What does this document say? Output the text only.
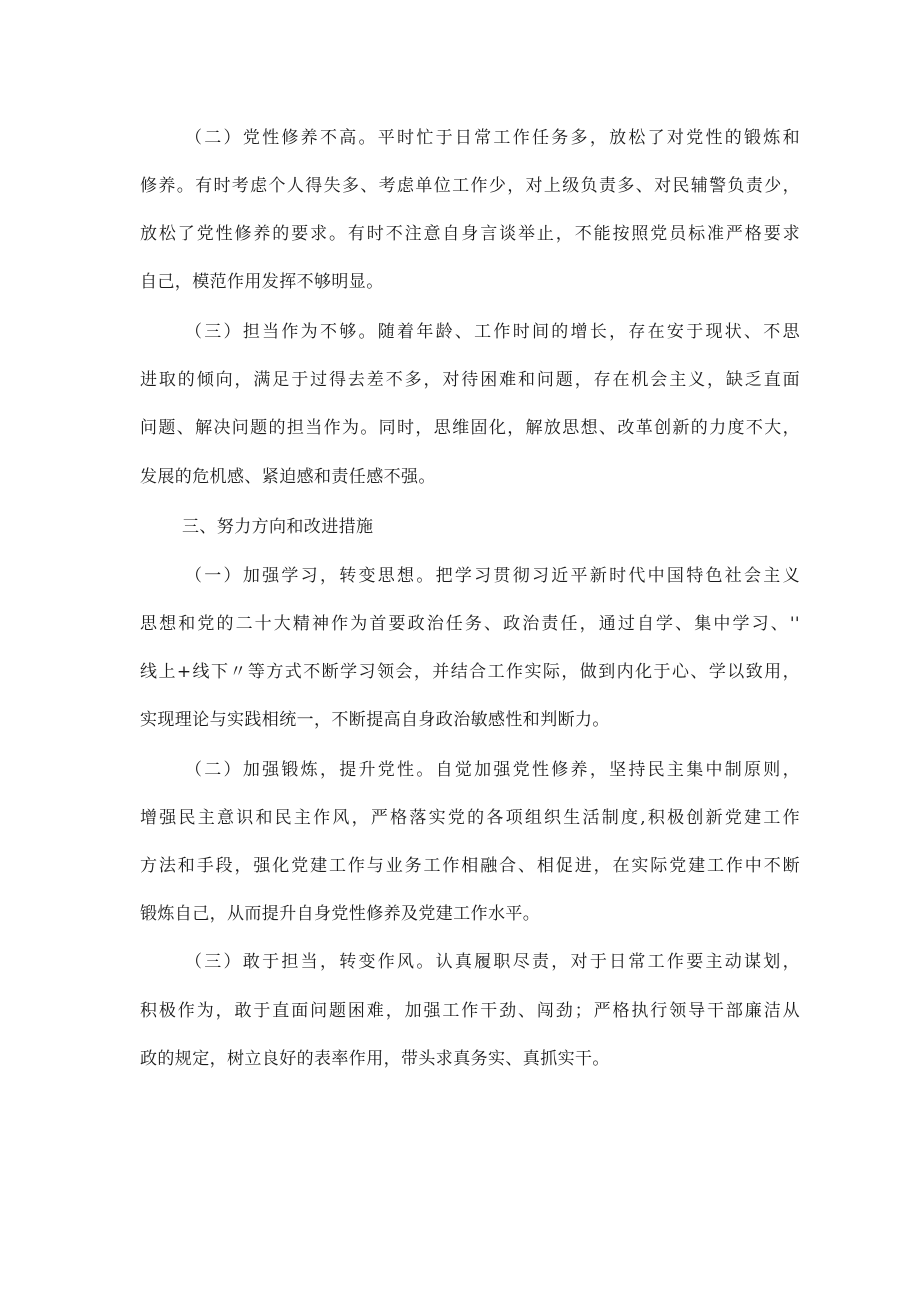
（二）党性修养不高。平时忙于日常工作任务多，放松了对党性的锻炼和
修养。有时考虑个人得失多、考虑单位工作少，对上级负责多、对民辅警负责少，
放松了党性修养的要求。有时不注意自身言谈举止，不能按照党员标准严格要求
自己，模范作用发挥不够明显。
（三）担当作为不够。随着年龄、工作时间的增长，存在安于现状、不思
进取的倾向，满足于过得去差不多，对待困难和问题，存在机会主义，缺乏直面
问题、解决问题的担当作为。同时，思维固化，解放思想、改革创新的力度不大，
发展的危机感、紧迫感和责任感不强。
三、努力方向和改进措施
（一）加强学习，转变思想。把学习贯彻习近平新时代中国特色社会主义
思想和党的二十大精神作为首要政治任务、政治责任，通过自学、集中学习、''
线上+线下〃等方式不断学习领会，并结合工作实际，做到内化于心、学以致用，
实现理论与实践相统一，不断提高自身政治敏感性和判断力。
（二）加强锻炼，提升党性。自觉加强党性修养，坚持民主集中制原则，
增强民主意识和民主作风，严格落实党的各项组织生活制度,积极创新党建工作
方法和手段，强化党建工作与业务工作相融合、相促进，在实际党建工作中不断
锻炼自己，从而提升自身党性修养及党建工作水平。
（三）敢于担当，转变作风。认真履职尽责，对于日常工作要主动谋划，
积极作为，敢于直面问题困难，加强工作干劲、闯劲；严格执行领导干部廉洁从
政的规定，树立良好的表率作用，带头求真务实、真抓实干。
